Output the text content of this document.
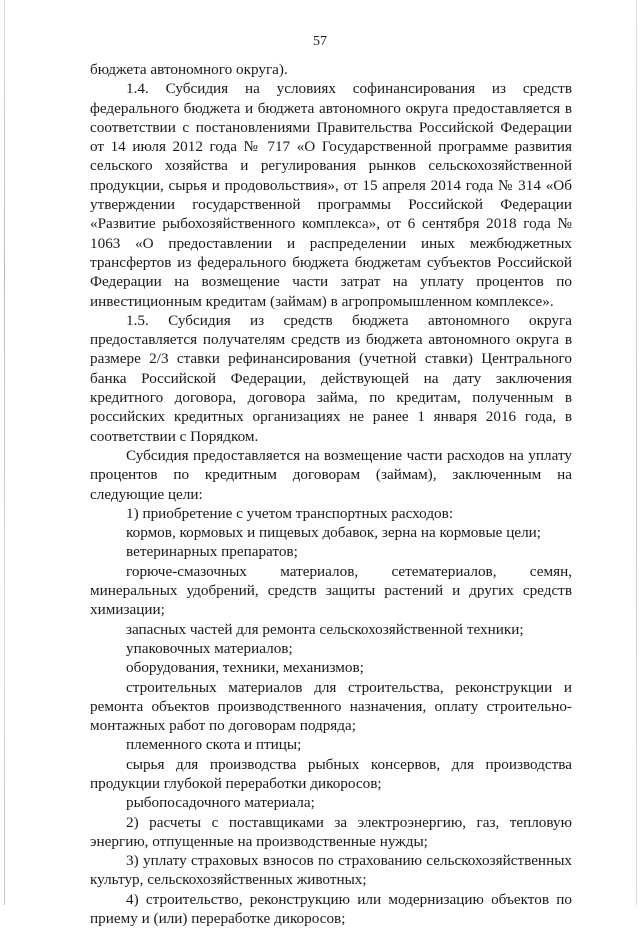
57

бюджета автономного округа).

1.4. Субсидия на условиях софинансирования из средств федерального бюджета и бюджета автономного округа предоставляется в соответствии с постановлениями Правительства Российской Федерации от 14 июля 2012 года № 717 «О Государственной программе развития сельского хозяйства и регулирования рынков сельскохозяйственной продукции, сырья и продовольствия», от 15 апреля 2014 года № 314 «Об утверждении государственной программы Российской Федерации «Развитие рыбохозяйственного комплекса», от 6 сентября 2018 года № 1063 «О предоставлении и распределении иных межбюджетных трансфертов из федерального бюджета бюджетам субъектов Российской Федерации на возмещение части затрат на уплату процентов по инвестиционным кредитам (займам) в агропромышленном комплексе».

1.5. Субсидия из средств бюджета автономного округа предоставляется получателям средств из бюджета автономного округа в размере 2/3 ставки рефинансирования (учетной ставки) Центрального банка Российской Федерации, действующей на дату заключения кредитного договора, договора займа, по кредитам, полученным в российских кредитных организациях не ранее 1 января 2016 года, в соответствии с Порядком.

Субсидия предоставляется на возмещение части расходов на уплату процентов по кредитным договорам (займам), заключенным на следующие цели:

1) приобретение с учетом транспортных расходов:

кормов, кормовых и пищевых добавок, зерна на кормовые цели;

ветеринарных препаратов;

горюче-смазочных материалов, сетематериалов, семян, минеральных удобрений, средств защиты растений и других средств химизации;

запасных частей для ремонта сельскохозяйственной техники;

упаковочных материалов;

оборудования, техники, механизмов;

строительных материалов для строительства, реконструкции и ремонта объектов производственного назначения, оплату строительно-монтажных работ по договорам подряда;

племенного скота и птицы;

сырья для производства рыбных консервов, для производства продукции глубокой переработки дикоросов;

рыбопосадочного материала;

2) расчеты с поставщиками за электроэнергию, газ, тепловую энергию, отпущенные на производственные нужды;

3) уплату страховых взносов по страхованию сельскохозяйственных культур, сельскохозяйственных животных;

4) строительство, реконструкцию или модернизацию объектов по приему и (или) переработке дикоросов;
